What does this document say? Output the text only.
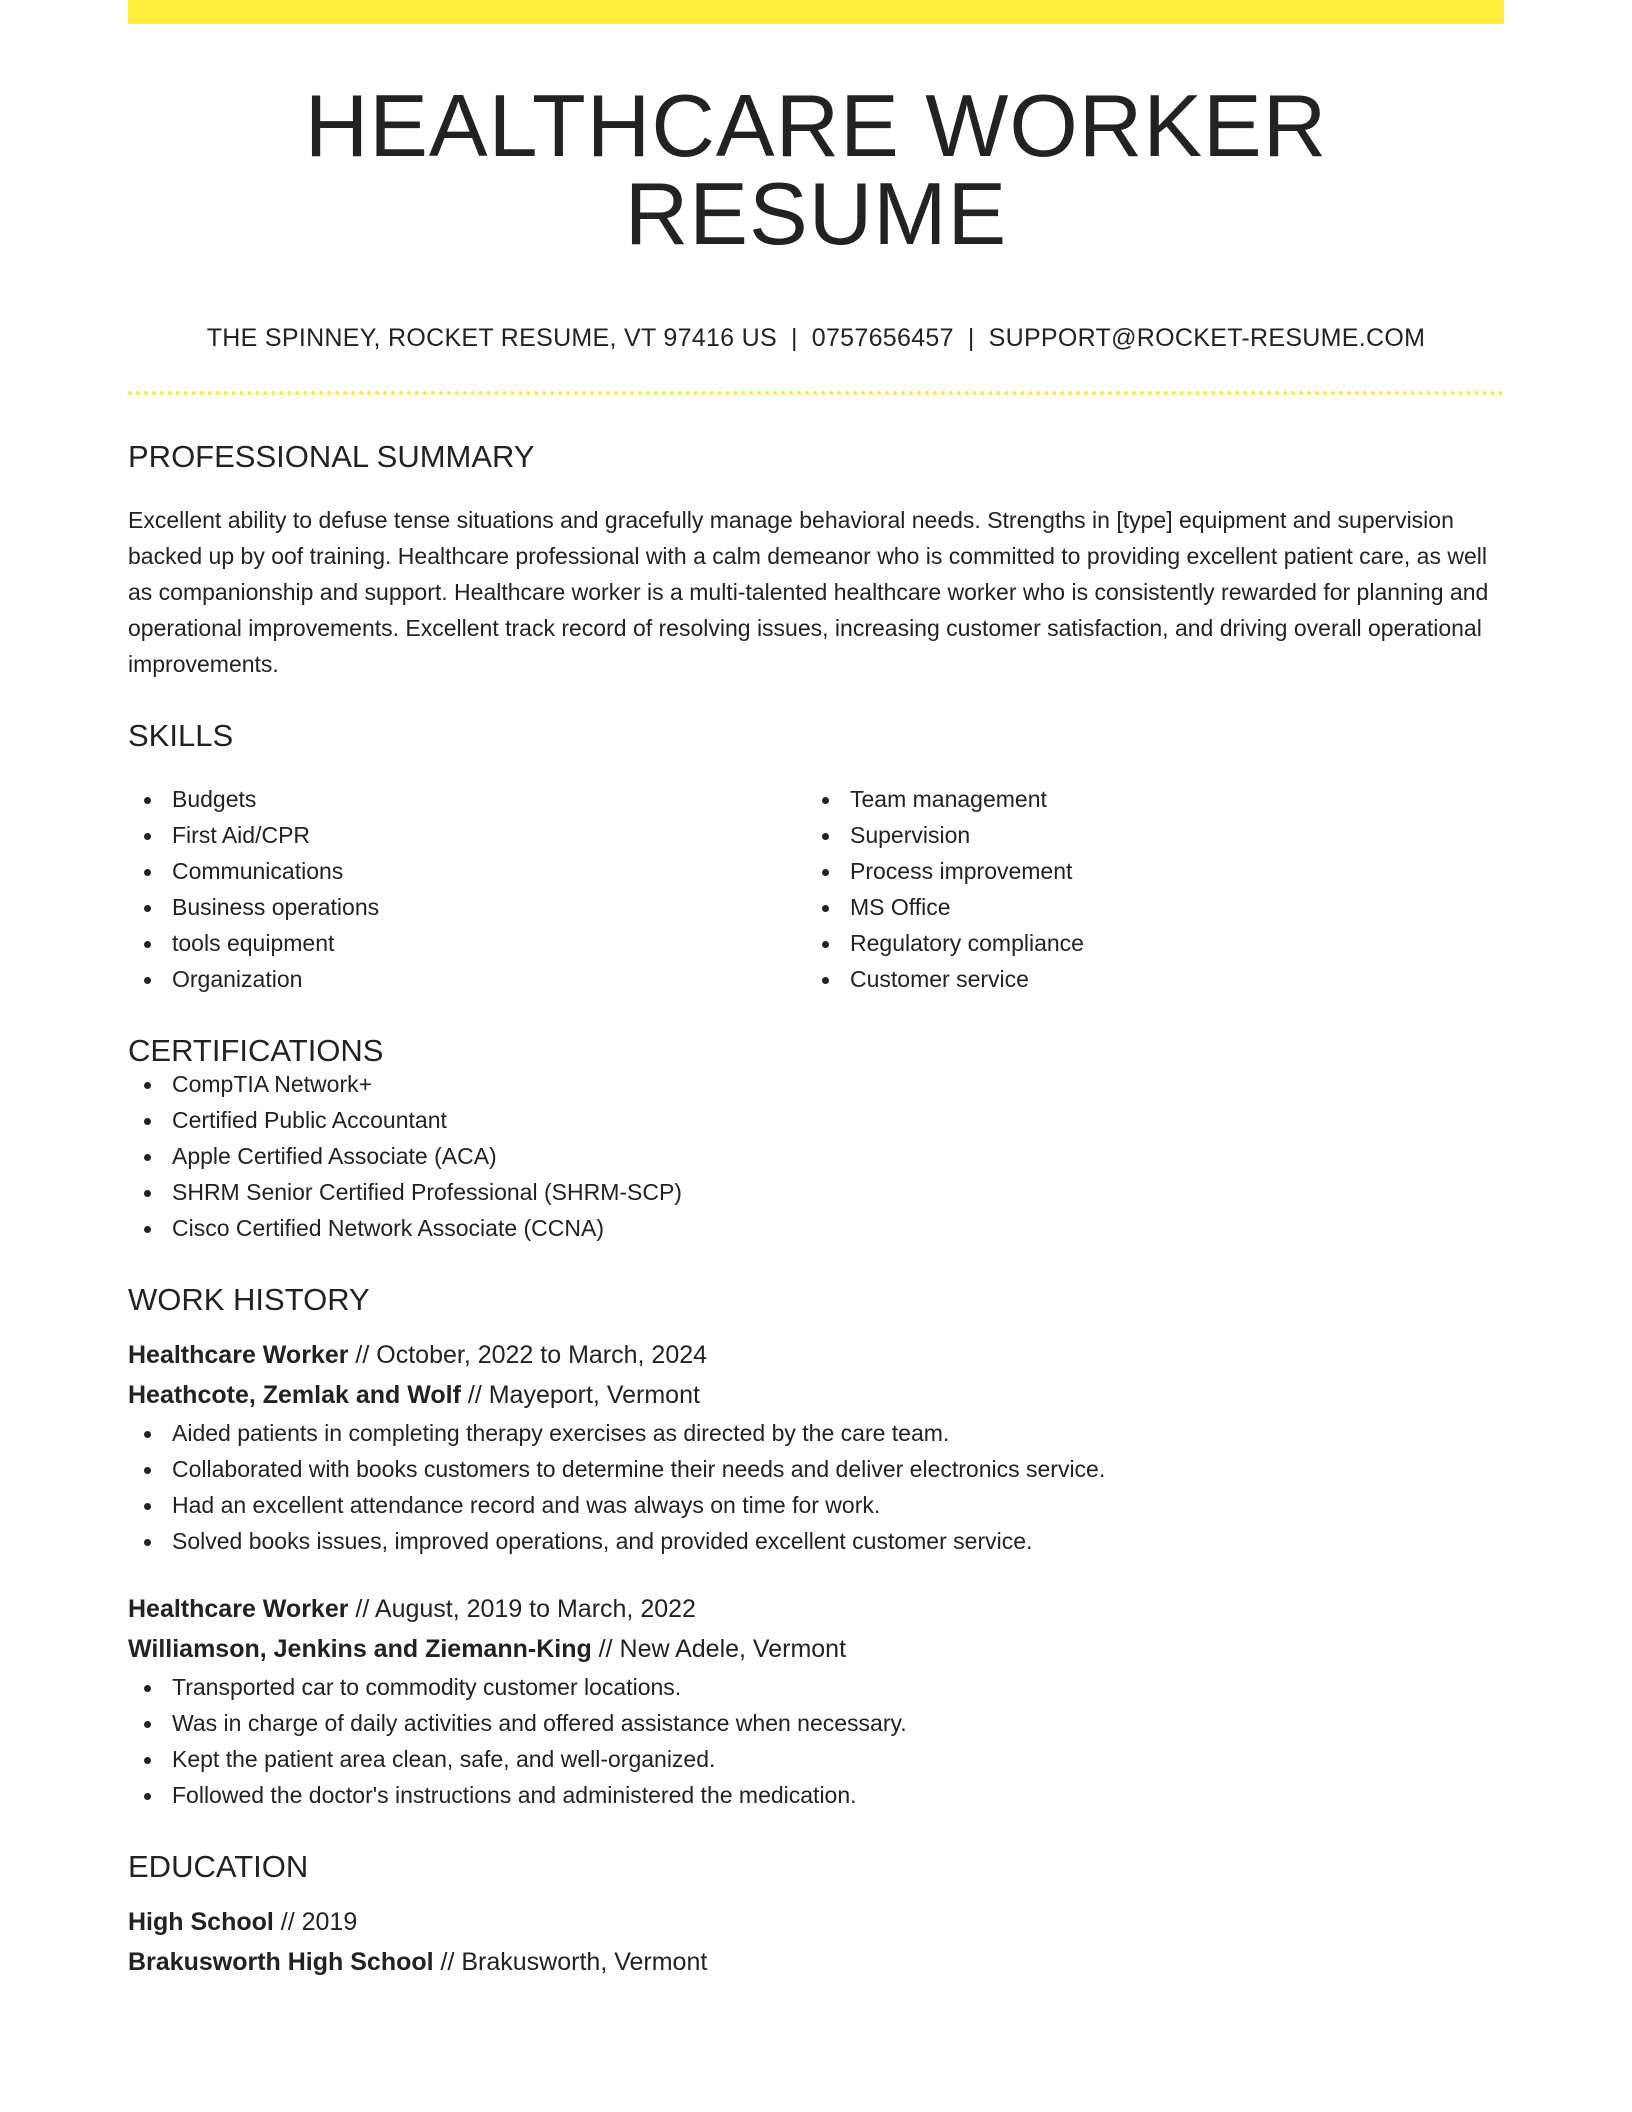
HEALTHCARE WORKER RESUME
THE SPINNEY, ROCKET RESUME, VT 97416 US | 0757656457 | SUPPORT@ROCKET-RESUME.COM
PROFESSIONAL SUMMARY

Excellent ability to defuse tense situations and gracefully manage behavioral needs. Strengths in [type] equipment and supervision backed up by oof training. Healthcare professional with a calm demeanor who is committed to providing excellent patient care, as well as companionship and support. Healthcare worker is a multi-talented healthcare worker who is consistently rewarded for planning and operational improvements. Excellent track record of resolving issues, increasing customer satisfaction, and driving overall operational improvements.

SKILLS
Budgets
First Aid/CPR
Communications
Business operations
tools equipment
Organization
Team management
Supervision
Process improvement
MS Office
Regulatory compliance
Customer service
CERTIFICATIONS
CompTIA Network+
Certified Public Accountant
Apple Certified Associate (ACA)
SHRM Senior Certified Professional (SHRM-SCP)
Cisco Certified Network Associate (CCNA)
WORK HISTORY
Healthcare Worker // October, 2022 to March, 2024
Heathcote, Zemlak and Wolf // Mayeport, Vermont
Aided patients in completing therapy exercises as directed by the care team.
Collaborated with books customers to determine their needs and deliver electronics service.
Had an excellent attendance record and was always on time for work.
Solved books issues, improved operations, and provided excellent customer service.
Healthcare Worker // August, 2019 to March, 2022
Williamson, Jenkins and Ziemann-King // New Adele, Vermont
Transported car to commodity customer locations.
Was in charge of daily activities and offered assistance when necessary.
Kept the patient area clean, safe, and well-organized.
Followed the doctor's instructions and administered the medication.
EDUCATION
High School // 2019
Brakusworth High School // Brakusworth, Vermont
